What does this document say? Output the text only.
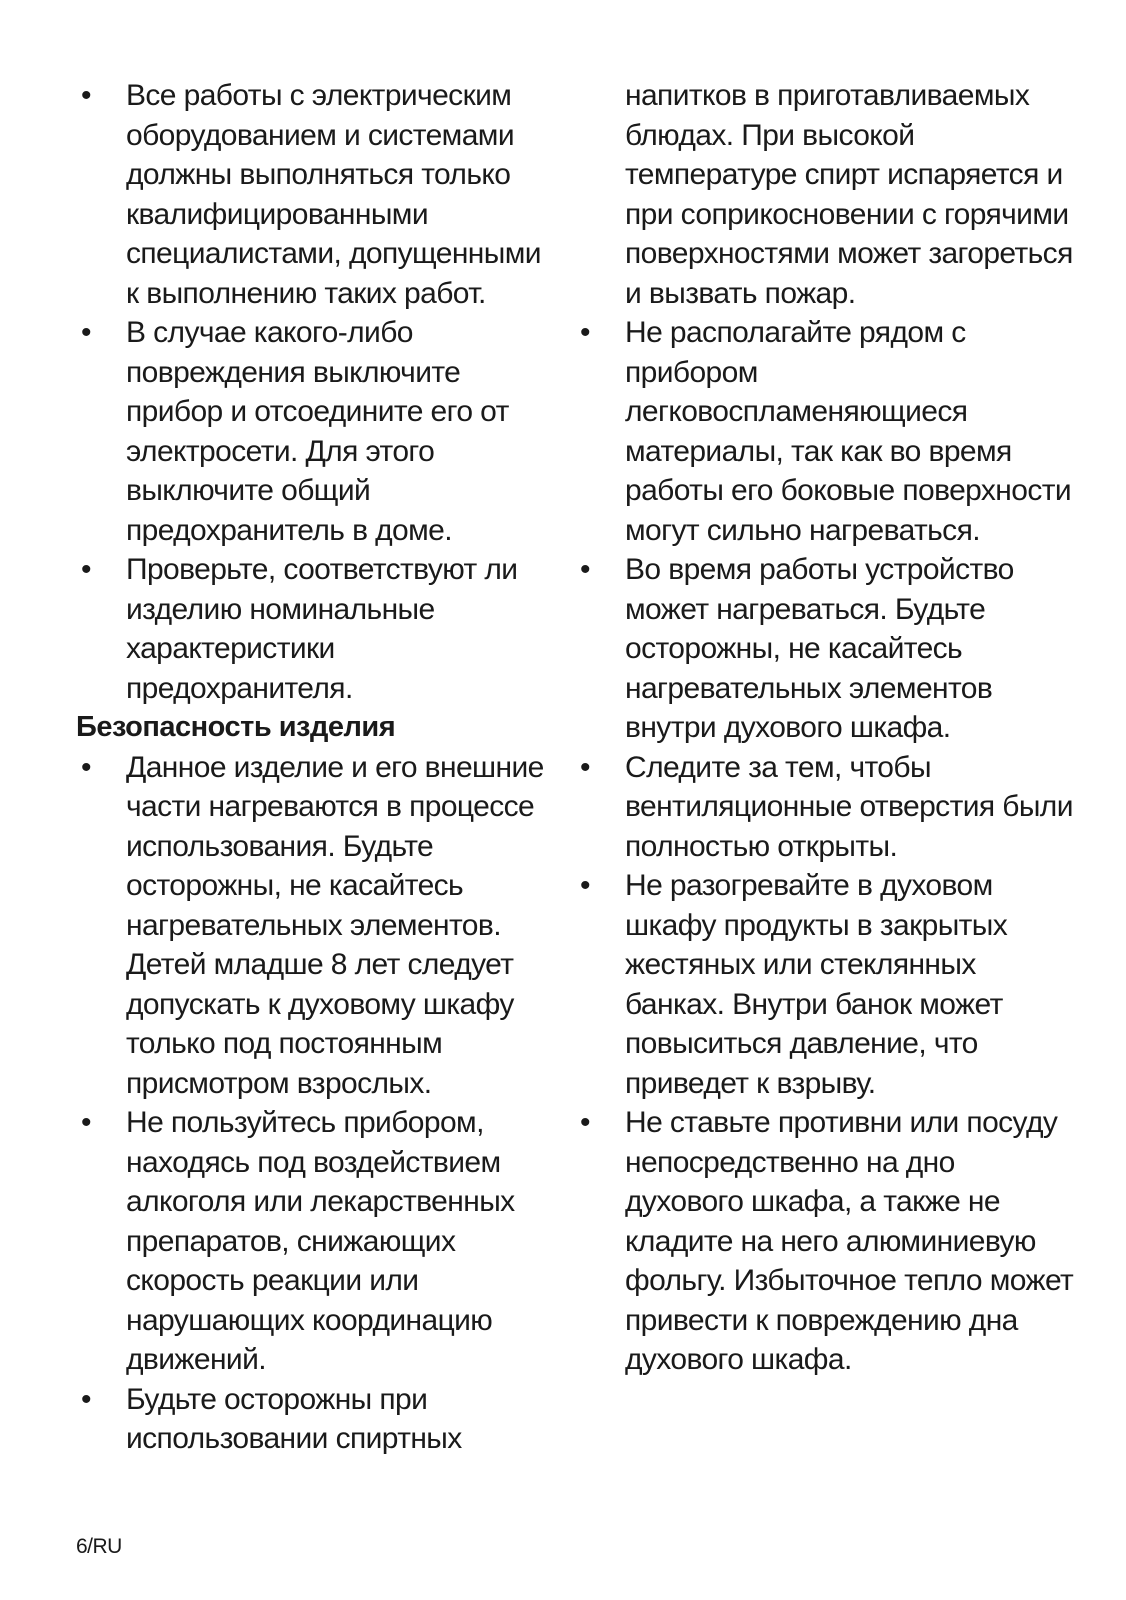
• Все работы с электрическим оборудованием и системами должны выполняться только квалифицированными специалистами, допущенными к выполнению таких работ.
• В случае какого-либо повреждения выключите прибор и отсоедините его от электросети. Для этого выключите общий предохранитель в доме.
• Проверьте, соответствуют ли изделию номинальные характеристики предохранителя.
Безопасность изделия
• Данное изделие и его внешние части нагреваются в процессе использования. Будьте осторожны, не касайтесь нагревательных элементов. Детей младше 8 лет следует допускать к духовому шкафу только под постоянным присмотром взрослых.
• Не пользуйтесь прибором, находясь под воздействием алкоголя или лекарственных препаратов, снижающих скорость реакции или нарушающих координацию движений.
• Будьте осторожны при использовании спиртных
напитков в приготавливаемых блюдах. При высокой температуре спирт испаряется и при соприкосновении с горячими поверхностями может загореться и вызвать пожар.
• Не располагайте рядом с прибором легковоспламеняющиеся материалы, так как во время работы его боковые поверхности могут сильно нагреваться.
• Во время работы устройство может нагреваться. Будьте осторожны, не касайтесь нагревательных элементов внутри духового шкафа.
• Следите за тем, чтобы вентиляционные отверстия были полностью открыты.
• Не разогревайте в духовом шкафу продукты в закрытых жестяных или стеклянных банках. Внутри банок может повыситься давление, что приведет к взрыву.
• Не ставьте противни или посуду непосредственно на дно духового шкафа, а также не кладите на него алюминиевую фольгу. Избыточное тепло может привести к повреждению дна духового шкафа.
6/RU
